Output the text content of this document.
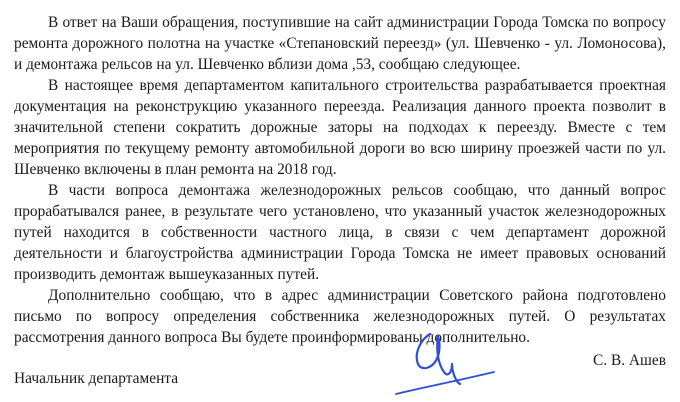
В ответ на Ваши обращения, поступившие на сайт администрации Города Томска по вопросу ремонта дорожного полотна на участке «Степановский переезд» (ул. Шевченко - ул. Ломоносова), и демонтажа рельсов на ул. Шевченко вблизи дома ,53, сообщаю следующее.

В настоящее время департаментом капитального строительства разрабатывается проектная документация на реконструкцию указанного переезда. Реализация данного проекта позволит в значительной степени сократить дорожные заторы на подходах к переезду. Вместе с тем мероприятия по текущему ремонту автомобильной дороги во всю ширину проезжей части по ул. Шевченко включены в план ремонта на 2018 год.

В части вопроса демонтажа железнодорожных рельсов сообщаю, что данный вопрос прорабатывался ранее, в результате чего установлено, что указанный участок железнодорожных путей находится в собственности частного лица, в связи с чем департамент дорожной деятельности и благоустройства администрации Города Томска не имеет правовых оснований производить демонтаж вышеуказанных путей.

Дополнительно сообщаю, что в адрес администрации Советского района подготовлено письмо по вопросу определения собственника железнодорожных путей. О результатах рассмотрения данного вопроса Вы будете проинформированы дополнительно.

Начальник департамента
С. В. Ашев
